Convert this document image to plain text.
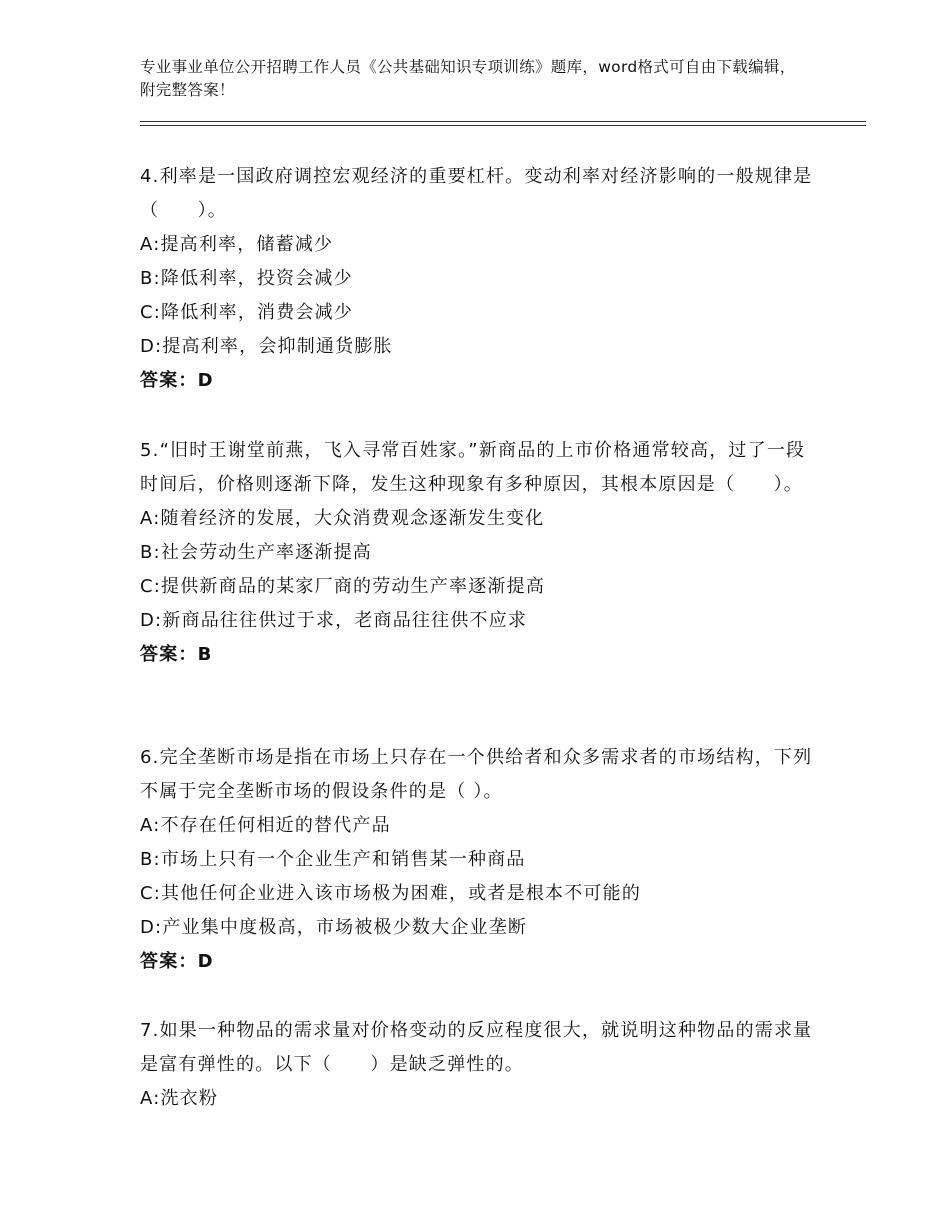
专业事业单位公开招聘工作人员《公共基础知识专项训练》题库，word格式可自由下载编辑，附完整答案！

4.利率是一国政府调控宏观经济的重要杠杆。变动利率对经济影响的一般规律是（　　）。

A:提高利率，储蓄减少

B:降低利率，投资会减少

C:降低利率，消费会减少

D:提高利率，会抑制通货膨胀

答案：D

5.“旧时王谢堂前燕，飞入寻常百姓家。”新商品的上市价格通常较高，过了一段时间后，价格则逐渐下降，发生这种现象有多种原因，其根本原因是（　　）。

A:随着经济的发展，大众消费观念逐渐发生变化

B:社会劳动生产率逐渐提高

C:提供新商品的某家厂商的劳动生产率逐渐提高

D:新商品往往供过于求，老商品往往供不应求

答案：B

6.完全垄断市场是指在市场上只存在一个供给者和众多需求者的市场结构，下列不属于完全垄断市场的假设条件的是（ ）。

A:不存在任何相近的替代产品

B:市场上只有一个企业生产和销售某一种商品

C:其他任何企业进入该市场极为困难，或者是根本不可能的

D:产业集中度极高，市场被极少数大企业垄断

答案：D

7.如果一种物品的需求量对价格变动的反应程度很大，就说明这种物品的需求量是富有弹性的。以下（　　）是缺乏弹性的。

A:洗衣粉
